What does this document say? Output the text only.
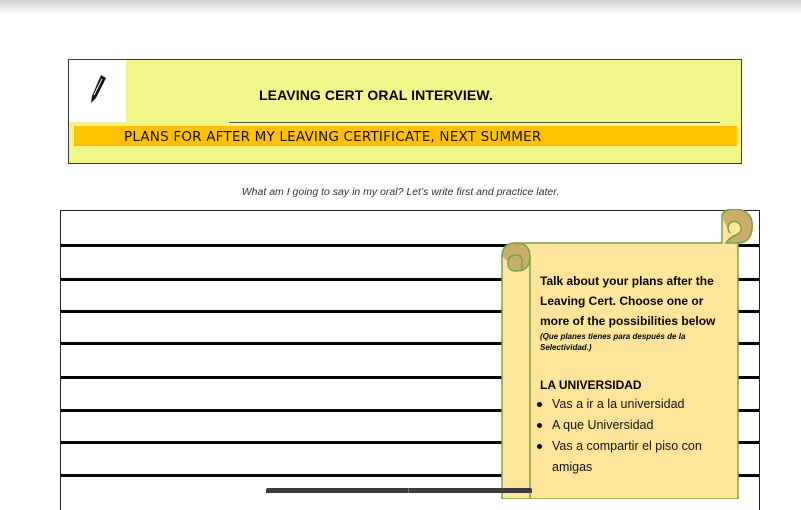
LEAVING CERT ORAL INTERVIEW.
PLANS FOR AFTER MY LEAVING CERTIFICATE, NEXT SUMMER
What am I going to say in my oral? Let’s write first and practice later.
Talk about your plans after the
Leaving Cert. Choose one or
more of the possibilities below
(Que planes tienes para después de la
Selectividad.)
LA UNIVERSIDAD
Vas a ir a la universidad
A que Universidad
Vas a compartir el piso con amigas
